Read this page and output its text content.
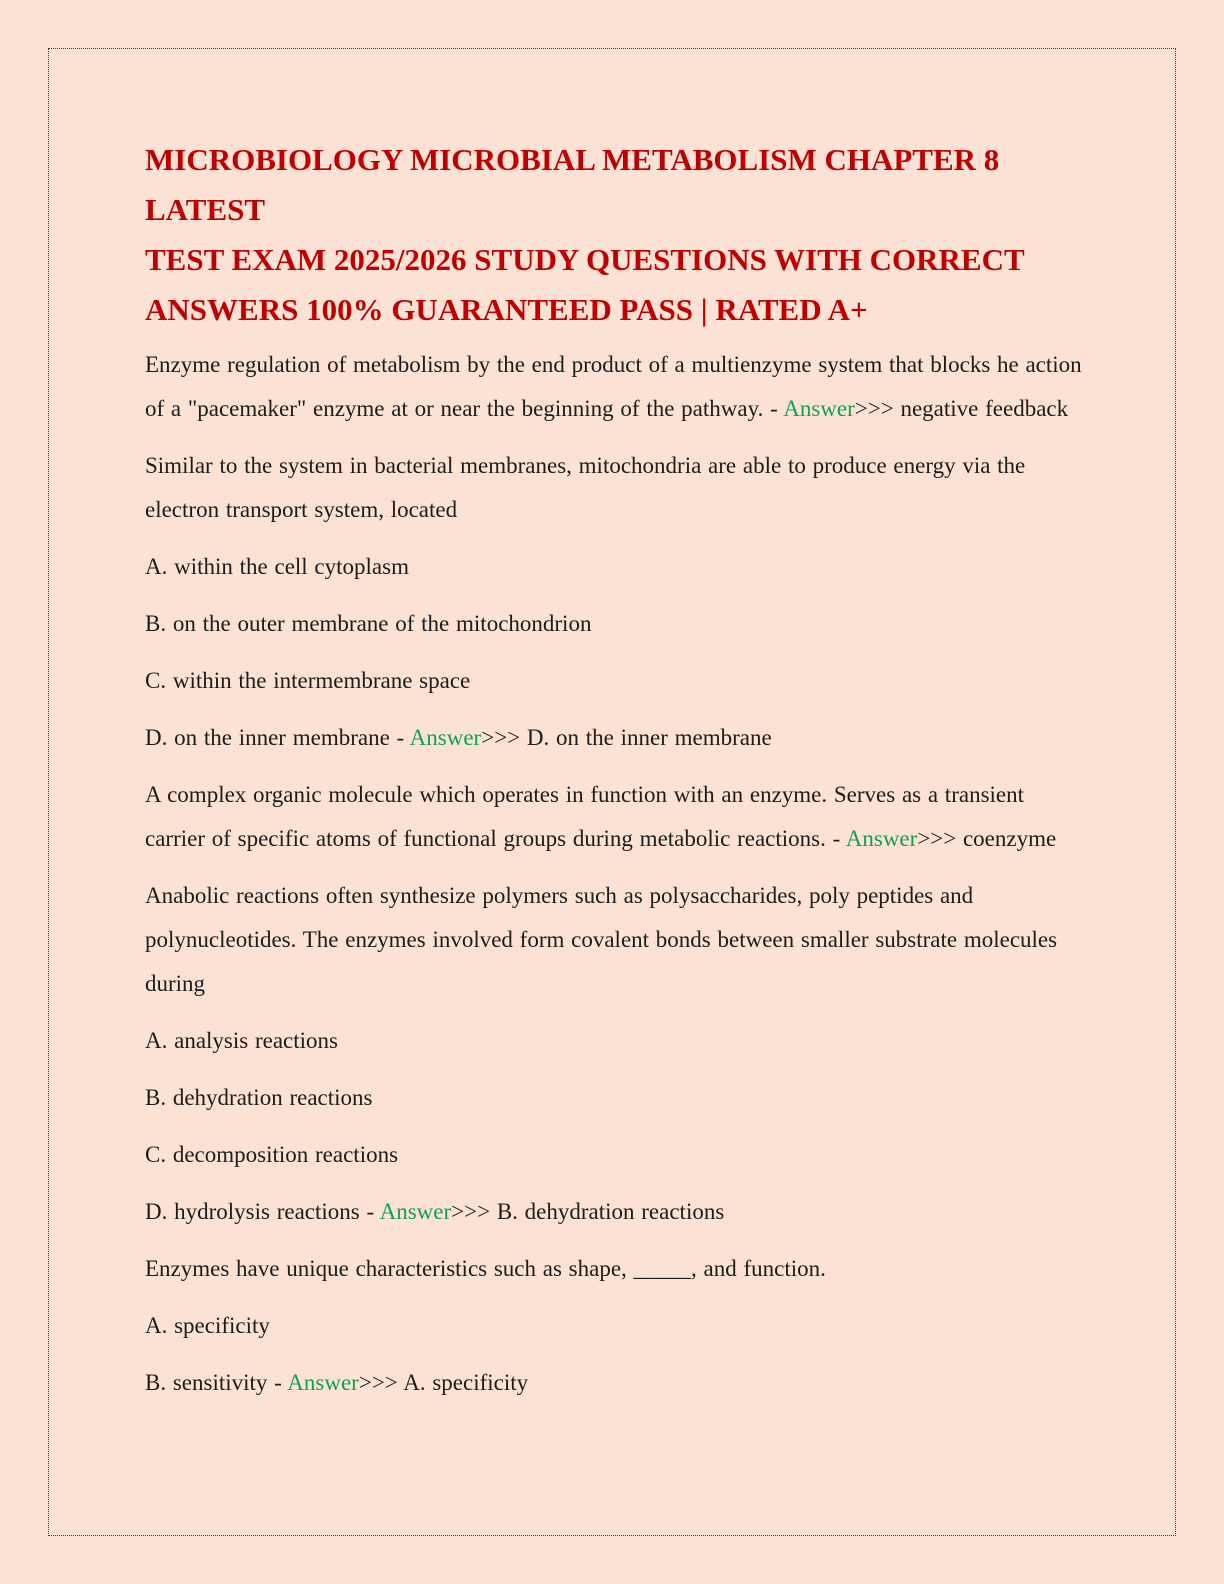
MICROBIOLOGY MICROBIAL METABOLISM CHAPTER 8 LATEST
TEST EXAM 2025/2026 STUDY QUESTIONS WITH CORRECT
ANSWERS 100% GUARANTEED PASS | RATED A+

Enzyme regulation of metabolism by the end product of a multienzyme system that blocks he action of a "pacemaker" enzyme at or near the beginning of the pathway. - Answer>>> negative feedback

Similar to the system in bacterial membranes, mitochondria are able to produce energy via the electron transport system, located

A. within the cell cytoplasm

B. on the outer membrane of the mitochondrion

C. within the intermembrane space

D. on the inner membrane - Answer>>> D. on the inner membrane

A complex organic molecule which operates in function with an enzyme. Serves as a transient carrier of specific atoms of functional groups during metabolic reactions. - Answer>>> coenzyme

Anabolic reactions often synthesize polymers such as polysaccharides, poly peptides and polynucleotides. The enzymes involved form covalent bonds between smaller substrate molecules during

A. analysis reactions

B. dehydration reactions

C. decomposition reactions

D. hydrolysis reactions - Answer>>> B. dehydration reactions

Enzymes have unique characteristics such as shape, _____, and function.

A. specificity

B. sensitivity - Answer>>> A. specificity
